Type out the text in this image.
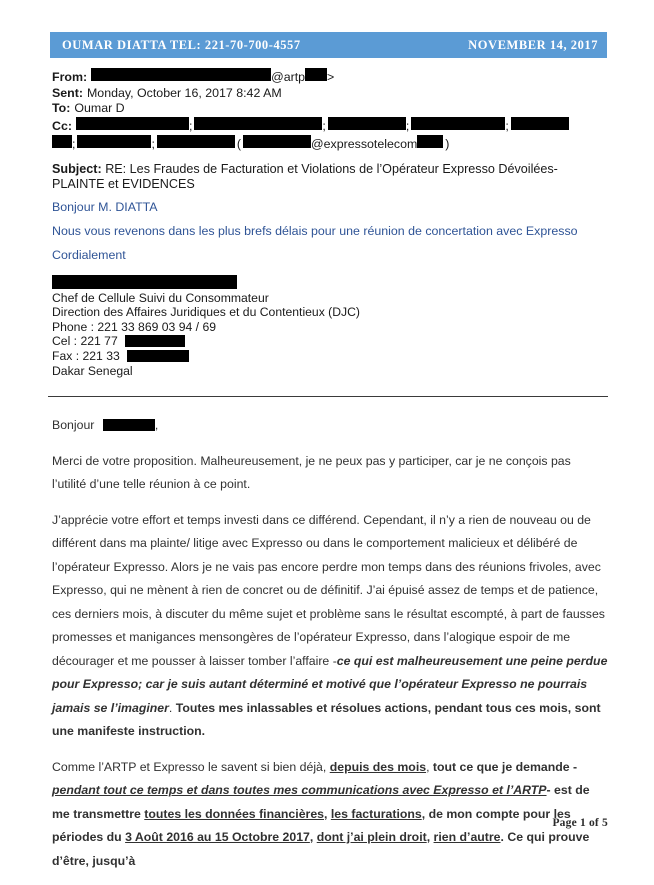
OUMAR DIATTA TEL: 221-70-700-4557	NOVEMBER 14, 2017
From:	@artp >
Sent: Monday, October 16, 2017 8:42 AM
To: Oumar D
Cc:	;	;	;	;
;	;	(	@expressotelecom )
Subject: RE: Les Fraudes de Facturation et Violations de l’Opérateur Expresso Dévoilées-PLAINTE et EVIDENCES

Bonjour M. DIATTA

Nous vous revenons dans les plus brefs délais pour une réunion de concertation avec Expresso

Cordialement

Chef de Cellule Suivi du Consommateur
Direction des Affaires Juridiques et du Contentieux (DJC)
Phone : 221 33 869 03 94 / 69
Cel : 221 77
Fax : 221 33
Dakar Senegal

Bonjour	,

Merci de votre proposition. Malheureusement, je ne peux pas y participer, car je ne conçois pas l’utilité d’une telle réunion à ce point.

J’apprécie votre effort et temps investi dans ce différend. Cependant, il n’y a rien de nouveau ou de différent dans ma plainte/ litige avec Expresso ou dans le comportement malicieux et délibéré de l’opérateur Expresso. Alors je ne vais pas encore perdre mon temps dans des réunions frivoles, avec Expresso, qui ne mènent à rien de concret ou de définitif. J’ai épuisé assez de temps et de patience, ces derniers mois, à discuter du même sujet et problème sans le résultat escompté, à part de fausses promesses et manigances mensongères de l’opérateur Expresso, dans l’alogique espoir de me décourager et me pousser à laisser tomber l’affaire -ce qui est malheureusement une peine perdue pour Expresso; car je suis autant déterminé et motivé que l’opérateur Expresso ne pourrais jamais se l’imaginer. Toutes mes inlassables et résolues actions, pendant tous ces mois, sont une manifeste instruction.

Comme l’ARTP et Expresso le savent si bien déjà, depuis des mois, tout ce que je demande -pendant tout ce temps et dans toutes mes communications avec Expresso et l’ARTP- est de me transmettre toutes les données financières, les facturations, de mon compte pour les périodes du 3 Août 2016 au 15 Octobre 2017, dont j’ai plein droit, rien d’autre. Ce qui prouve d’être, jusqu’à

Page 1 of 5
